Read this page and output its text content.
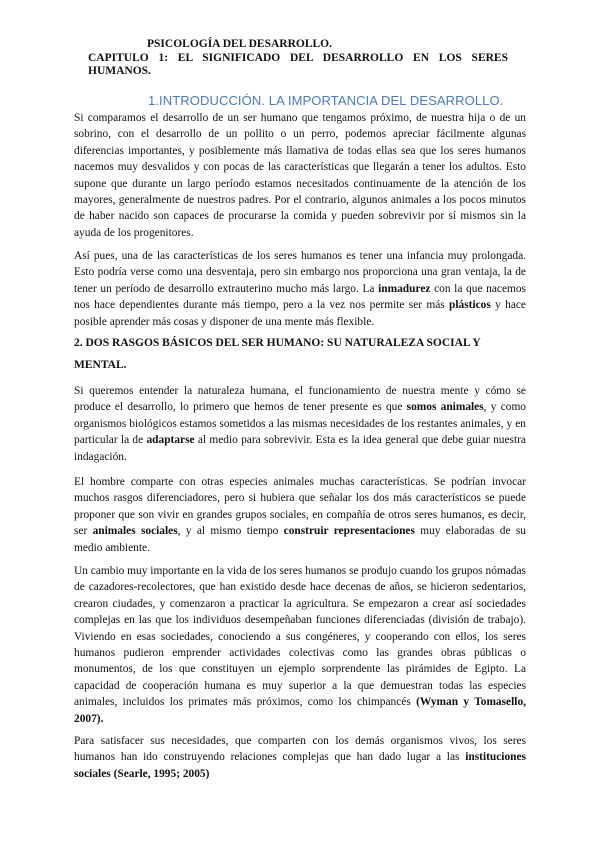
PSICOLOGÍA DEL DESARROLLO.
CAPITULO 1: EL SIGNIFICADO DEL DESARROLLO EN LOS SERES
HUMANOS.
1.INTRODUCCIÓN. LA IMPORTANCIA DEL DESARROLLO.

Si comparamos el desarrollo de un ser humano que tengamos próximo, de nuestra hija o de un sobrino, con el desarrollo de un pollito o un perro, podemos apreciar fácilmente algunas diferencias importantes, y posiblemente más llamativa de todas ellas sea que los seres humanos nacemos muy desvalidos y con pocas de las características que llegarán a tener los adultos. Esto supone que durante un largo período estamos necesitados continuamente de la atención de los mayores, generalmente de nuestros padres. Por el contrario, algunos animales a los pocos minutos de haber nacido son capaces de procurarse la comida y pueden sobrevivir por sí mismos sin la ayuda de los progenitores.

Así pues, una de las características de los seres humanos es tener una infancia muy prolongada. Esto podría verse como una desventaja, pero sin embargo nos proporciona una gran ventaja, la de tener un período de desarrollo extrauterino mucho más largo. La inmadurez con la que nacemos nos hace dependientes durante más tiempo, pero a la vez nos permite ser más plásticos y hace posible aprender más cosas y disponer de una mente más flexible.

2. DOS RASGOS BÁSICOS DEL SER HUMANO: SU NATURALEZA SOCIAL Y MENTAL.

Si queremos entender la naturaleza humana, el funcionamiento de nuestra mente y cómo se produce el desarrollo, lo primero que hemos de tener presente es que somos animales, y como organismos biológicos estamos sometidos a las mismas necesidades de los restantes animales, y en particular la de adaptarse al medio para sobrevivir. Esta es la idea general que debe guiar nuestra indagación.

El hombre comparte con otras especies animales muchas características. Se podrían invocar muchos rasgos diferenciadores, pero si hubiera que señalar los dos más característicos se puede proponer que son vivir en grandes grupos sociales, en compañía de otros seres humanos, es decir, ser animales sociales, y al mismo tiempo construir representaciones muy elaboradas de su medio ambiente.

Un cambio muy importante en la vida de los seres humanos se produjo cuando los grupos nómadas de cazadores-recolectores, que han existido desde hace decenas de años, se hicieron sedentarios, crearon ciudades, y comenzaron a practicar la agricultura. Se empezaron a crear así sociedades complejas en las que los individuos desempeñaban funciones diferenciadas (división de trabajo). Viviendo en esas sociedades, conociendo a sus congéneres, y cooperando con ellos, los seres humanos pudieron emprender actividades colectivas como las grandes obras públicas o monumentos, de los que constituyen un ejemplo sorprendente las pirámides de Egipto. La capacidad de cooperación humana es muy superior a la que demuestran todas las especies animales, incluidos los primates más próximos, como los chimpancés (Wyman y Tomasello, 2007).

Para satisfacer sus necesidades, que comparten con los demás organismos vivos, los seres humanos han ido construyendo relaciones complejas que han dado lugar a las instituciones sociales (Searle, 1995; 2005)
